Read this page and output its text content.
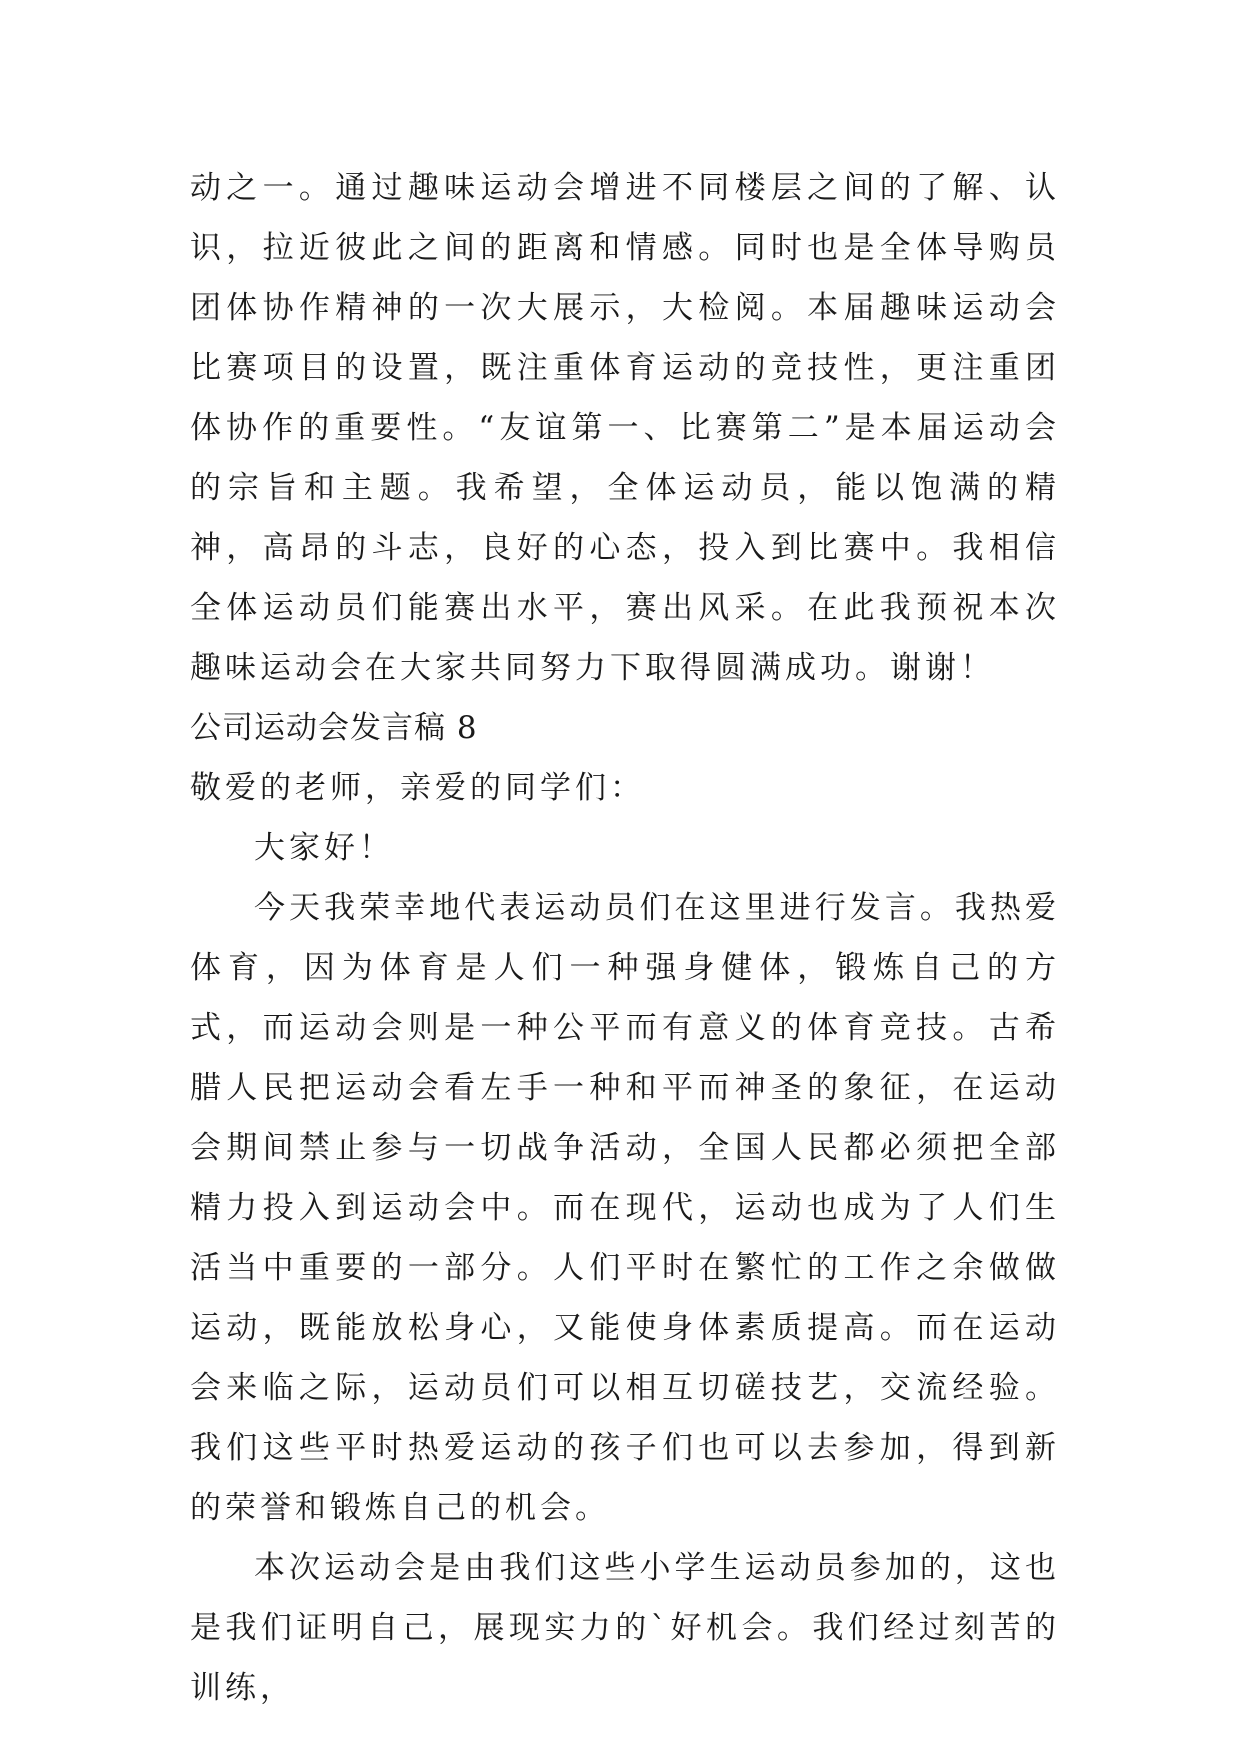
动之一。通过趣味运动会增进不同楼层之间的了解、认识，拉近彼此之间的距离和情感。同时也是全体导购员团体协作精神的一次大展示，大检阅。本届趣味运动会比赛项目的设置，既注重体育运动的竞技性，更注重团体协作的重要性。“友谊第一、比赛第二”是本届运动会的宗旨和主题。我希望，全体运动员，能以饱满的精神，高昂的斗志，良好的心态，投入到比赛中。我相信全体运动员们能赛出水平，赛出风采。在此我预祝本次趣味运动会在大家共同努力下取得圆满成功。谢谢！

公司运动会发言稿 8

敬爱的老师，亲爱的同学们：

大家好！

今天我荣幸地代表运动员们在这里进行发言。我热爱体育，因为体育是人们一种强身健体，锻炼自己的方式，而运动会则是一种公平而有意义的体育竞技。古希腊人民把运动会看左手一种和平而神圣的象征，在运动会期间禁止参与一切战争活动，全国人民都必须把全部精力投入到运动会中。而在现代，运动也成为了人们生活当中重要的一部分。人们平时在繁忙的工作之余做做运动，既能放松身心，又能使身体素质提高。而在运动会来临之际，运动员们可以相互切磋技艺，交流经验。我们这些平时热爱运动的孩子们也可以去参加，得到新的荣誉和锻炼自己的机会。

本次运动会是由我们这些小学生运动员参加的，这也是我们证明自己，展现实力的`好机会。我们经过刻苦的训练，
